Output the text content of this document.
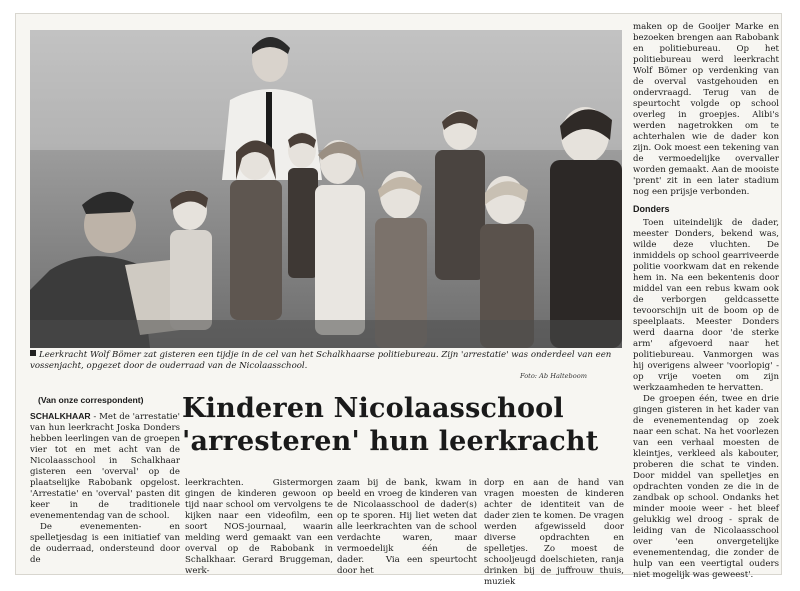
Leerkracht Wolf Bömer zat gisteren een tijdje in de cel van het Schalkhaarse politiebureau. Zijn 'arrestatie' was onderdeel van een vossenjacht, opgezet door de ouderraad van de Nicolaasschool.
Foto: Ab Halteboom

maken op de Gooijer Marke en bezoeken brengen aan Rabobank en politiebureau. Op het politiebureau werd leerkracht Wolf Bömer op verdenking van de overval vastgehouden en ondervraagd. Terug van de speurtocht volgde op school overleg in groepjes. Alibi's werden nagetrokken om te achterhalen wie de dader kon zijn. Ook moest een tekening van de vermoedelijke overvaller worden gemaakt. Aan de mooiste 'prent' zit in een later stadium nog een prijsje verbonden.

Donders

Toen uiteindelijk de dader, meester Donders, bekend was, wilde deze vluchten. De inmiddels op school gearriveerde politie voorkwam dat en rekende hem in. Na een bekentenis door middel van een rebus kwam ook de verborgen geldcassette tevoorschijn uit de boom op de speelplaats. Meester Donders werd daarna door 'de sterke arm' afgevoerd naar het politiebureau. Vanmorgen was hij overigens alweer 'voorlopig' - op vrije voeten om zijn werkzaamheden te hervatten.

De groepen één, twee en drie gingen gisteren in het kader van de evenementendag op zoek naar een schat. Na het voorlezen van een verhaal moesten de kleintjes, verkleed als kabouter, proberen die schat te vinden. Door middel van spelletjes en opdrachten vonden ze die in de zandbak op school. Ondanks het minder mooie weer - het bleef gelukkig wel droog - sprak de leiding van de Nicolaasschool over 'een onvergetelijke evenementendag, die zonder de hulp van een veertigtal ouders niet mogelijk was geweest'.

(Van onze correspondent)

SCHALKHAAR - Met de 'arrestatie' van hun leerkracht Joska Donders hebben leerlingen van de groepen vier tot en met acht van de Nicolaasschool in Schalkhaar gisteren een 'overval' op de plaatselijke Rabobank opgelost. 'Arrestatie' en 'overval' pasten dit keer in de traditionele evenementendag van de school.

De evenementen- en spelletjesdag is een initiatief van de ouderraad, ondersteund door de

Kinderen Nicolaasschool
'arresteren' hun leerkracht
leerkrachten. Gistermorgen gingen de kinderen gewoon op tijd naar school om vervolgens te kijken naar een videofilm, een soort NOS-journaal, waarin melding werd gemaakt van een overval op de Rabobank in Schalkhaar. Gerard Bruggeman, werk-
zaam bij de bank, kwam in beeld en vroeg de kinderen van de Nicolaasschool de dader(s) op te sporen. Hij liet weten dat alle leerkrachten van de school verdachte waren, maar vermoedelijk één de dader.   Via een speurtocht door het
dorp en aan de hand van vragen moesten de kinderen achter de identiteit van de dader zien te komen. De vragen werden afgewisseld door diverse opdrachten en spelletjes. Zo moest de schooljeugd doelschieten, ranja drinken bij de juffrouw thuis, muziek
